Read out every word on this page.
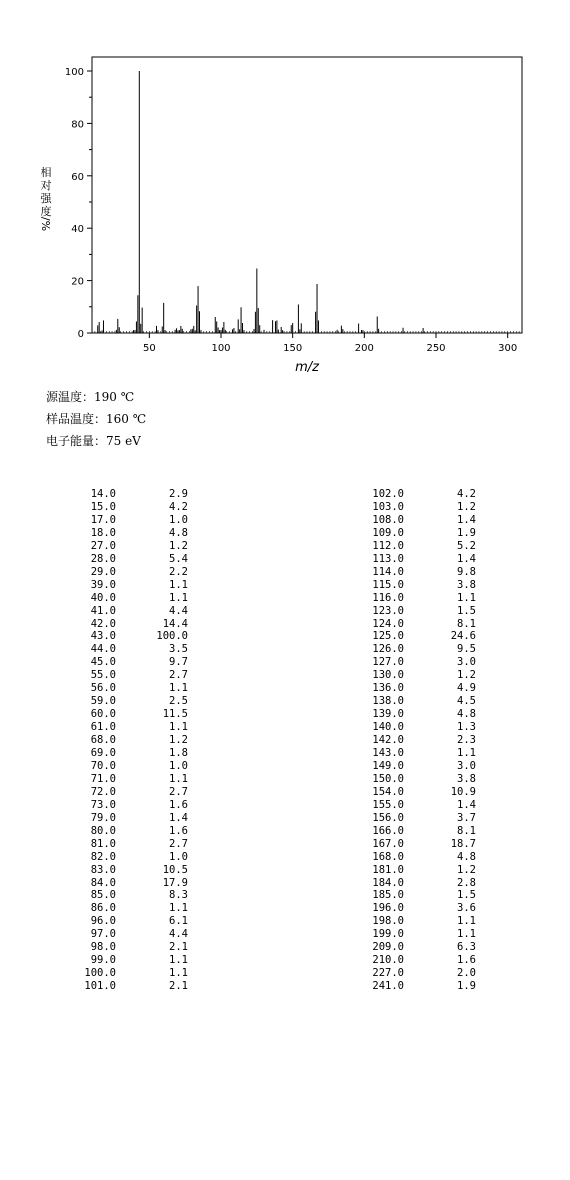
0
20
40
60
80
100
50	100	150	200	250	300
m/z
相
对
强
度
/%
源温度：190 ℃
样品温度：160 ℃
电子能量：75 eV
14.0	2.9
15.0	4.2
17.0	1.0
18.0	4.8
27.0	1.2
28.0	5.4
29.0	2.2
39.0	1.1
40.0	1.1
41.0	4.4
42.0	14.4
43.0	100.0
44.0	3.5
45.0	9.7
55.0	2.7
56.0	1.1
59.0	2.5
60.0	11.5
61.0	1.1
68.0	1.2
69.0	1.8
70.0	1.0
71.0	1.1
72.0	2.7
73.0	1.6
79.0	1.4
80.0	1.6
81.0	2.7
82.0	1.0
83.0	10.5
84.0	17.9
85.0	8.3
86.0	1.1
96.0	6.1
97.0	4.4
98.0	2.1
99.0	1.1
100.0	1.1
101.0	2.1
102.0	4.2
103.0	1.2
108.0	1.4
109.0	1.9
112.0	5.2
113.0	1.4
114.0	9.8
115.0	3.8
116.0	1.1
123.0	1.5
124.0	8.1
125.0	24.6
126.0	9.5
127.0	3.0
130.0	1.2
136.0	4.9
138.0	4.5
139.0	4.8
140.0	1.3
142.0	2.3
143.0	1.1
149.0	3.0
150.0	3.8
154.0	10.9
155.0	1.4
156.0	3.7
166.0	8.1
167.0	18.7
168.0	4.8
181.0	1.2
184.0	2.8
185.0	1.5
196.0	3.6
198.0	1.1
199.0	1.1
209.0	6.3
210.0	1.6
227.0	2.0
241.0	1.9
